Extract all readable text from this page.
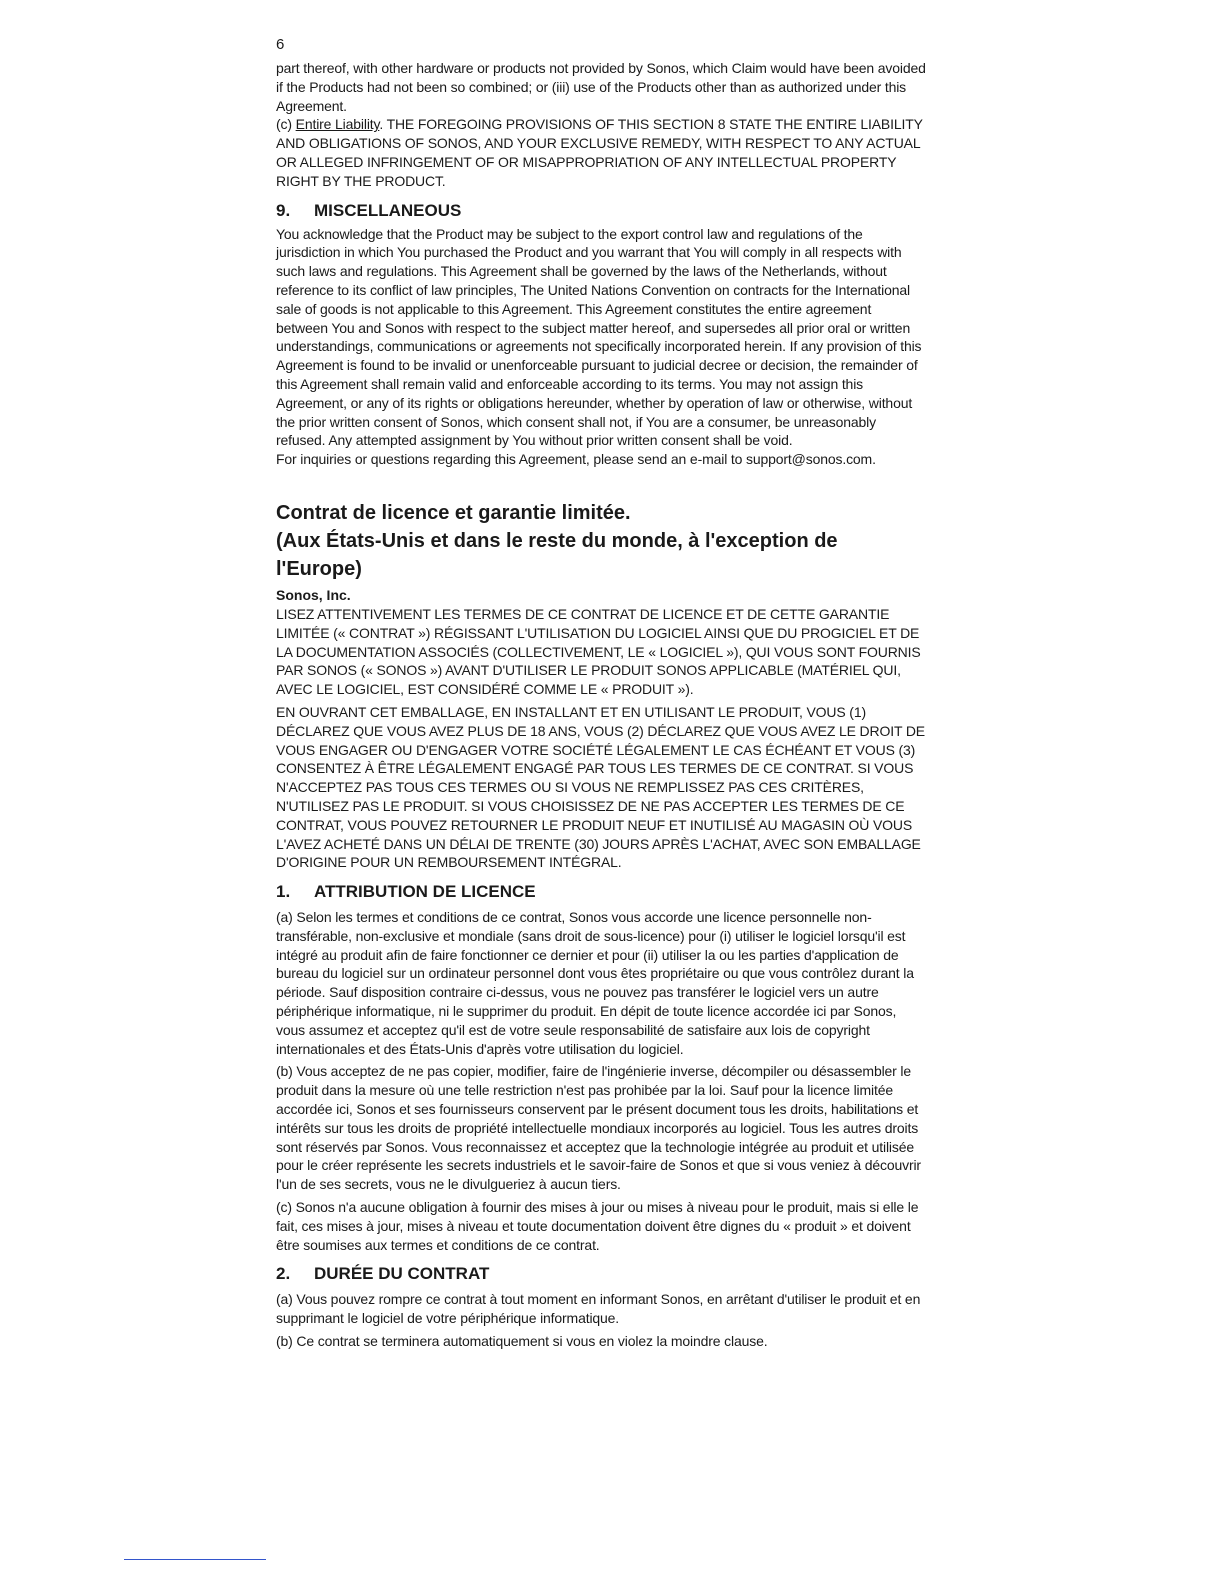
6

part thereof, with other hardware or products not provided by Sonos, which Claim would have been avoided if the Products had not been so combined; or (iii) use of the Products other than as authorized under this Agreement.

(c) Entire Liability. THE FOREGOING PROVISIONS OF THIS SECTION 8 STATE THE ENTIRE LIABILITY AND OBLIGATIONS OF SONOS, AND YOUR EXCLUSIVE REMEDY, WITH RESPECT TO ANY ACTUAL OR ALLEGED INFRINGEMENT OF OR MISAPPROPRIATION OF ANY INTELLECTUAL PROPERTY RIGHT BY THE PRODUCT.

9. MISCELLANEOUS

You acknowledge that the Product may be subject to the export control law and regulations of the jurisdiction in which You purchased the Product and you warrant that You will comply in all respects with such laws and regulations. This Agreement shall be governed by the laws of the Netherlands, without reference to its conflict of law principles, The United Nations Convention on contracts for the International sale of goods is not applicable to this Agreement. This Agreement constitutes the entire agreement between You and Sonos with respect to the subject matter hereof, and supersedes all prior oral or written understandings, communications or agreements not specifically incorporated herein. If any provision of this Agreement is found to be invalid or unenforceable pursuant to judicial decree or decision, the remainder of this Agreement shall remain valid and enforceable according to its terms. You may not assign this Agreement, or any of its rights or obligations hereunder, whether by operation of law or otherwise, without the prior written consent of Sonos, which consent shall not, if You are a consumer, be unreasonably refused. Any attempted assignment by You without prior written consent shall be void.

For inquiries or questions regarding this Agreement, please send an e-mail to support@sonos.com.

Contrat de licence et garantie limitée.
(Aux États-Unis et dans le reste du monde, à l'exception de l'Europe)
Sonos, Inc.

LISEZ ATTENTIVEMENT LES TERMES DE CE CONTRAT DE LICENCE ET DE CETTE GARANTIE LIMITÉE (« CONTRAT ») RÉGISSANT L'UTILISATION DU LOGICIEL AINSI QUE DU PROGICIEL ET DE LA DOCUMENTATION ASSOCIÉS (COLLECTIVEMENT, LE « LOGICIEL »), QUI VOUS SONT FOURNIS PAR SONOS (« SONOS ») AVANT D'UTILISER LE PRODUIT SONOS APPLICABLE (MATÉRIEL QUI, AVEC LE LOGICIEL, EST CONSIDÉRÉ COMME LE « PRODUIT »).

EN OUVRANT CET EMBALLAGE, EN INSTALLANT ET EN UTILISANT LE PRODUIT, VOUS (1) DÉCLAREZ QUE VOUS AVEZ PLUS DE 18 ANS, VOUS (2) DÉCLAREZ QUE VOUS AVEZ LE DROIT DE VOUS ENGAGER OU D'ENGAGER VOTRE SOCIÉTÉ LÉGALEMENT LE CAS ÉCHÉANT ET VOUS (3) CONSENTEZ À ÊTRE LÉGALEMENT ENGAGÉ PAR TOUS LES TERMES DE CE CONTRAT. SI VOUS N'ACCEPTEZ PAS TOUS CES TERMES OU SI VOUS NE REMPLISSEZ PAS CES CRITÈRES, N'UTILISEZ PAS LE PRODUIT. SI VOUS CHOISISSEZ DE NE PAS ACCEPTER LES TERMES DE CE CONTRAT, VOUS POUVEZ RETOURNER LE PRODUIT NEUF ET INUTILISÉ AU MAGASIN OÙ VOUS L'AVEZ ACHETÉ DANS UN DÉLAI DE TRENTE (30) JOURS APRÈS L'ACHAT, AVEC SON EMBALLAGE D'ORIGINE POUR UN REMBOURSEMENT INTÉGRAL.

1. ATTRIBUTION DE LICENCE

(a) Selon les termes et conditions de ce contrat, Sonos vous accorde une licence personnelle non-transférable, non-exclusive et mondiale (sans droit de sous-licence) pour (i) utiliser le logiciel lorsqu'il est intégré au produit afin de faire fonctionner ce dernier et pour (ii) utiliser la ou les parties d'application de bureau du logiciel sur un ordinateur personnel dont vous êtes propriétaire ou que vous contrôlez durant la période. Sauf disposition contraire ci-dessus, vous ne pouvez pas transférer le logiciel vers un autre périphérique informatique, ni le supprimer du produit. En dépit de toute licence accordée ici par Sonos, vous assumez et acceptez qu'il est de votre seule responsabilité de satisfaire aux lois de copyright internationales et des États-Unis d'après votre utilisation du logiciel.

(b) Vous acceptez de ne pas copier, modifier, faire de l'ingénierie inverse, décompiler ou désassembler le produit dans la mesure où une telle restriction n'est pas prohibée par la loi. Sauf pour la licence limitée accordée ici, Sonos et ses fournisseurs conservent par le présent document tous les droits, habilitations et intérêts sur tous les droits de propriété intellectuelle mondiaux incorporés au logiciel. Tous les autres droits sont réservés par Sonos. Vous reconnaissez et acceptez que la technologie intégrée au produit et utilisée pour le créer représente les secrets industriels et le savoir-faire de Sonos et que si vous veniez à découvrir l'un de ses secrets, vous ne le divulgueriez à aucun tiers.

(c) Sonos n'a aucune obligation à fournir des mises à jour ou mises à niveau pour le produit, mais si elle le fait, ces mises à jour, mises à niveau et toute documentation doivent être dignes du « produit » et doivent être soumises aux termes et conditions de ce contrat.

2. DURÉE DU CONTRAT

(a) Vous pouvez rompre ce contrat à tout moment en informant Sonos, en arrêtant d'utiliser le produit et en supprimant le logiciel de votre périphérique informatique.

(b) Ce contrat se terminera automatiquement si vous en violez la moindre clause.
